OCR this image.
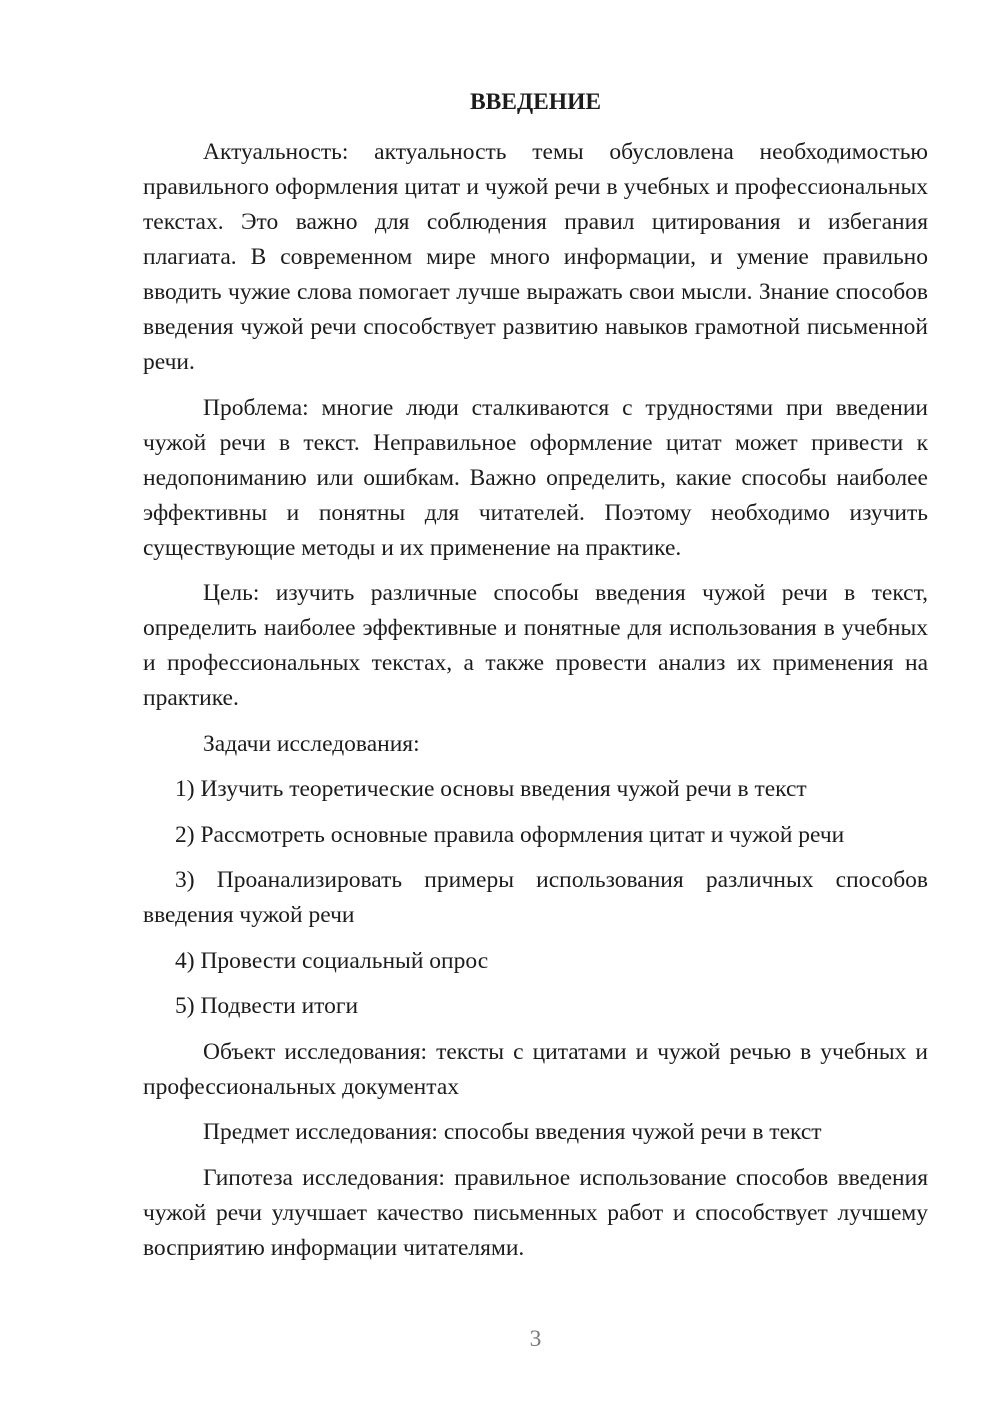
ВВЕДЕНИЕ

Актуальность: актуальность темы обусловлена необходимостью правильного оформления цитат и чужой речи в учебных и профессиональных текстах. Это важно для соблюдения правил цитирования и избегания плагиата. В современном мире много информации, и умение правильно вводить чужие слова помогает лучше выражать свои мысли. Знание способов введения чужой речи способствует развитию навыков грамотной письменной речи.

Проблема: многие люди сталкиваются с трудностями при введении чужой речи в текст. Неправильное оформление цитат может привести к недопониманию или ошибкам. Важно определить, какие способы наиболее эффективны и понятны для читателей. Поэтому необходимо изучить существующие методы и их применение на практике.

Цель: изучить различные способы введения чужой речи в текст, определить наиболее эффективные и понятные для использования в учебных и профессиональных текстах, а также провести анализ их применения на практике.

Задачи исследования:

1) Изучить теоретические основы введения чужой речи в текст

2) Рассмотреть основные правила оформления цитат и чужой речи

3) Проанализировать примеры использования различных способов введения чужой речи

4) Провести социальный опрос

5) Подвести итоги

Объект исследования: тексты с цитатами и чужой речью в учебных и профессиональных документах

Предмет исследования: способы введения чужой речи в текст

Гипотеза исследования: правильное использование способов введения чужой речи улучшает качество письменных работ и способствует лучшему восприятию информации читателями.

3
